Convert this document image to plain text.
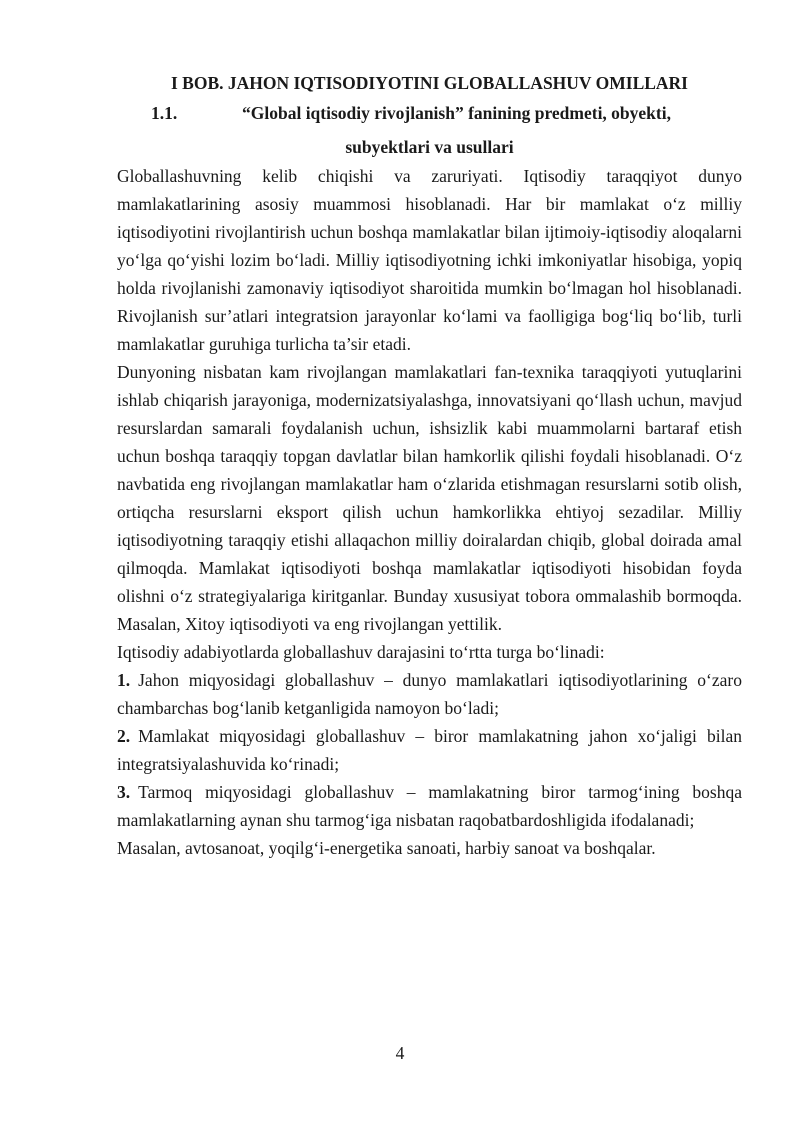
I BOB. JAHON IQTISODIYOTINI GLOBALLASHUV OMILLARI
1.1.	“Global iqtisodiy rivojlanish” fanining predmeti, obyekti,
subyektlari va usullari

Globallashuvning kelib chiqishi va zaruriyati. Iqtisodiy taraqqiyot dunyo mamlakatlarining asosiy muammosi hisoblanadi. Har bir mamlakat o‘z milliy iqtisodiyotini rivojlantirish uchun boshqa mamlakatlar bilan ijtimoiy-iqtisodiy aloqalarni yo‘lga qo‘yishi lozim bo‘ladi. Milliy iqtisodiyotning ichki imkoniyatlar hisobiga, yopiq holda rivojlanishi zamonaviy iqtisodiyot sharoitida mumkin bo‘lmagan hol hisoblanadi. Rivojlanish sur’atlari integratsion jarayonlar ko‘lami va faolligiga bog‘liq bo‘lib, turli mamlakatlar guruhiga turlicha ta’sir etadi.

Dunyoning nisbatan kam rivojlangan mamlakatlari fan-texnika taraqqiyoti yutuqlarini ishlab chiqarish jarayoniga, modernizatsiyalashga, innovatsiyani qo‘llash uchun, mavjud resurslardan samarali foydalanish uchun, ishsizlik kabi muammolarni bartaraf etish uchun boshqa taraqqiy topgan davlatlar bilan hamkorlik qilishi foydali hisoblanadi. O‘z navbatida eng rivojlangan mamlakatlar ham o‘zlarida etishmagan resurslarni sotib olish, ortiqcha resurslarni eksport qilish uchun hamkorlikka ehtiyoj sezadilar. Milliy iqtisodiyotning taraqqiy etishi allaqachon milliy doiralardan chiqib, global doirada amal qilmoqda. Mamlakat iqtisodiyoti boshqa mamlakatlar iqtisodiyoti hisobidan foyda olishni o‘z strategiyalariga kiritganlar. Bunday xususiyat tobora ommalashib bormoqda. Masalan, Xitoy iqtisodiyoti va eng rivojlangan yettilik.

Iqtisodiy adabiyotlarda globallashuv darajasini to‘rtta turga bo‘linadi:

1. Jahon miqyosidagi globallashuv – dunyo mamlakatlari iqtisodiyotlarining o‘zaro chambarchas bog‘lanib ketganligida namoyon bo‘ladi;

2. Mamlakat miqyosidagi globallashuv – biror mamlakatning jahon xo‘jaligi bilan integratsiyalashuvida ko‘rinadi;

3. Tarmoq miqyosidagi globallashuv – mamlakatning biror tarmog‘ining boshqa mamlakatlarning aynan shu tarmog‘iga nisbatan raqobatbardoshligida ifodalanadi;

Masalan, avtosanoat, yoqilg‘i-energetika sanoati, harbiy sanoat va boshqalar.

4
